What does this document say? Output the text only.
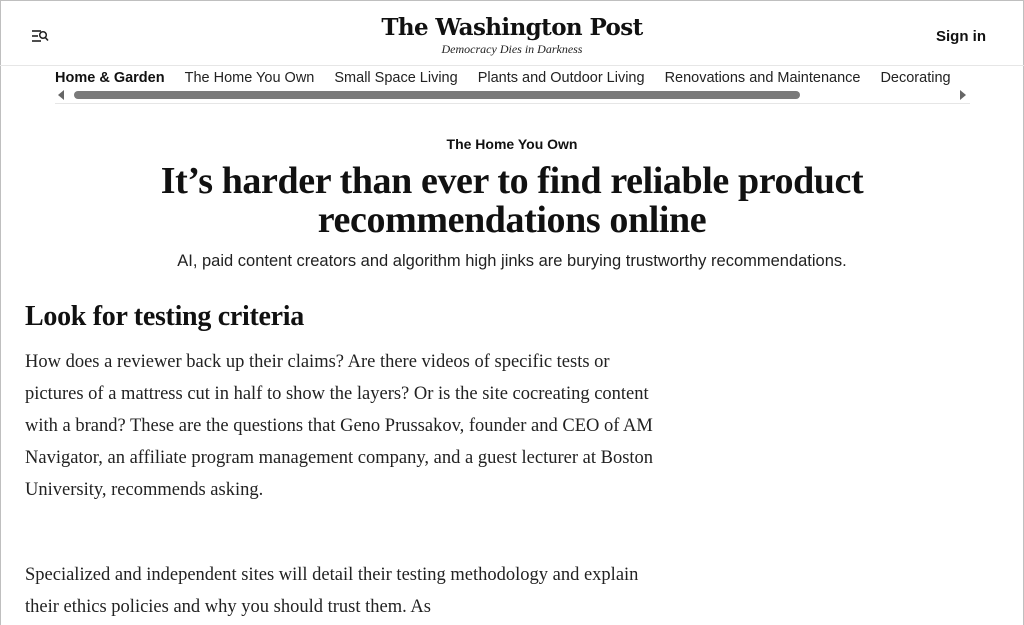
The Washington Post
Democracy Dies in Darkness
Sign in
Home & Garden The Home You Own Small Space Living Plants and Outdoor Living Renovations and Maintenance Decorating
The Home You Own
It’s harder than ever to find reliable product
recommendations online

AI, paid content creators and algorithm high jinks are burying trustworthy recommendations.

Look for testing criteria

How does a reviewer back up their claims? Are there videos of specific tests or pictures of a mattress cut in half to show the layers? Or is the site cocreating content with a brand? These are the questions that Geno Prussakov, founder and CEO of AM Navigator, an affiliate program management company, and a guest lecturer at Boston University, recommends asking.

Specialized and independent sites will detail their testing methodology and explain their ethics policies and why you should trust them. As
